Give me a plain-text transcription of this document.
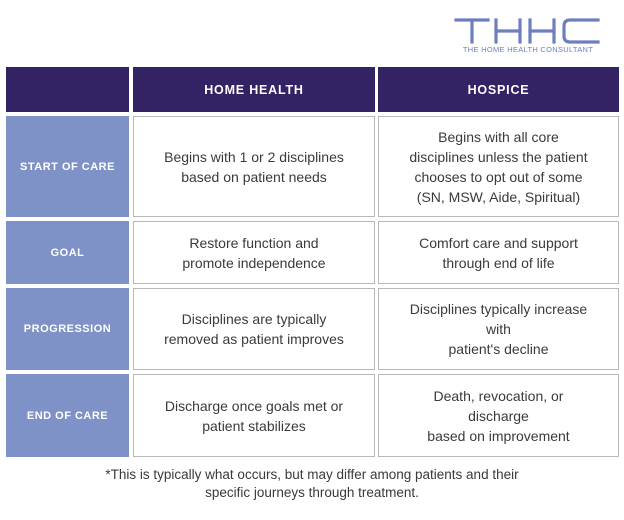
THE HOME HEALTH CONSULTANT
HOME HEALTH	HOSPICE
START OF CARE
Begins with 1 or 2 disciplines
based on patient needs
Begins with all core
disciplines unless the patient
chooses to opt out of some
(SN, MSW, Aide, Spiritual)
GOAL
Restore function and
promote independence
Comfort care and support
through end of life
PROGRESSION
Disciplines are typically
removed as patient improves
Disciplines typically increase
with
patient's decline
END OF CARE
Discharge once goals met or
patient stabilizes
Death, revocation, or
discharge
based on improvement
*This is typically what occurs, but may differ among patients and their
specific journeys through treatment.
